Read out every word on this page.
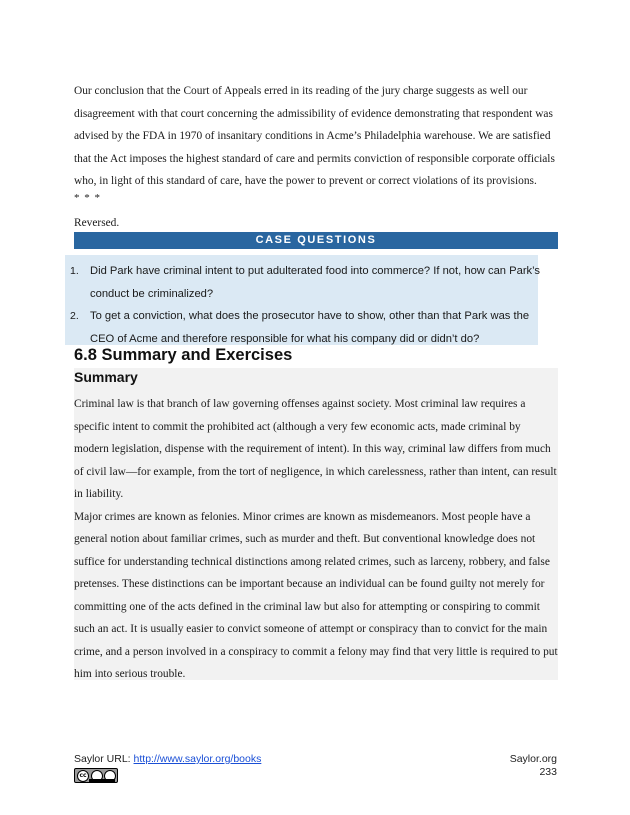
Our conclusion that the Court of Appeals erred in its reading of the jury charge suggests as well our disagreement with that court concerning the admissibility of evidence demonstrating that respondent was advised by the FDA in 1970 of insanitary conditions in Acme’s Philadelphia warehouse. We are satisfied that the Act imposes the highest standard of care and permits conviction of responsible corporate officials who, in light of this standard of care, have the power to prevent or correct violations of its provisions.

* * *
Reversed.
CASE QUESTIONS
1. Did Park have criminal intent to put adulterated food into commerce? If not, how can Park’s conduct be criminalized?
2. To get a conviction, what does the prosecutor have to show, other than that Park was the CEO of Acme and therefore responsible for what his company did or didn’t do?
6.8 Summary and Exercises
Summary

Criminal law is that branch of law governing offenses against society. Most criminal law requires a specific intent to commit the prohibited act (although a very few economic acts, made criminal by modern legislation, dispense with the requirement of intent). In this way, criminal law differs from much of civil law—for example, from the tort of negligence, in which carelessness, rather than intent, can result in liability.

Major crimes are known as felonies. Minor crimes are known as misdemeanors. Most people have a general notion about familiar crimes, such as murder and theft. But conventional knowledge does not suffice for understanding technical distinctions among related crimes, such as larceny, robbery, and false pretenses. These distinctions can be important because an individual can be found guilty not merely for committing one of the acts defined in the criminal law but also for attempting or conspiring to commit such an act. It is usually easier to convict someone of attempt or conspiracy than to convict for the main crime, and a person involved in a conspiracy to commit a felony may find that very little is required to put him into serious trouble.

Saylor URL: http://www.saylor.org/books	Saylor.org
233
cc
